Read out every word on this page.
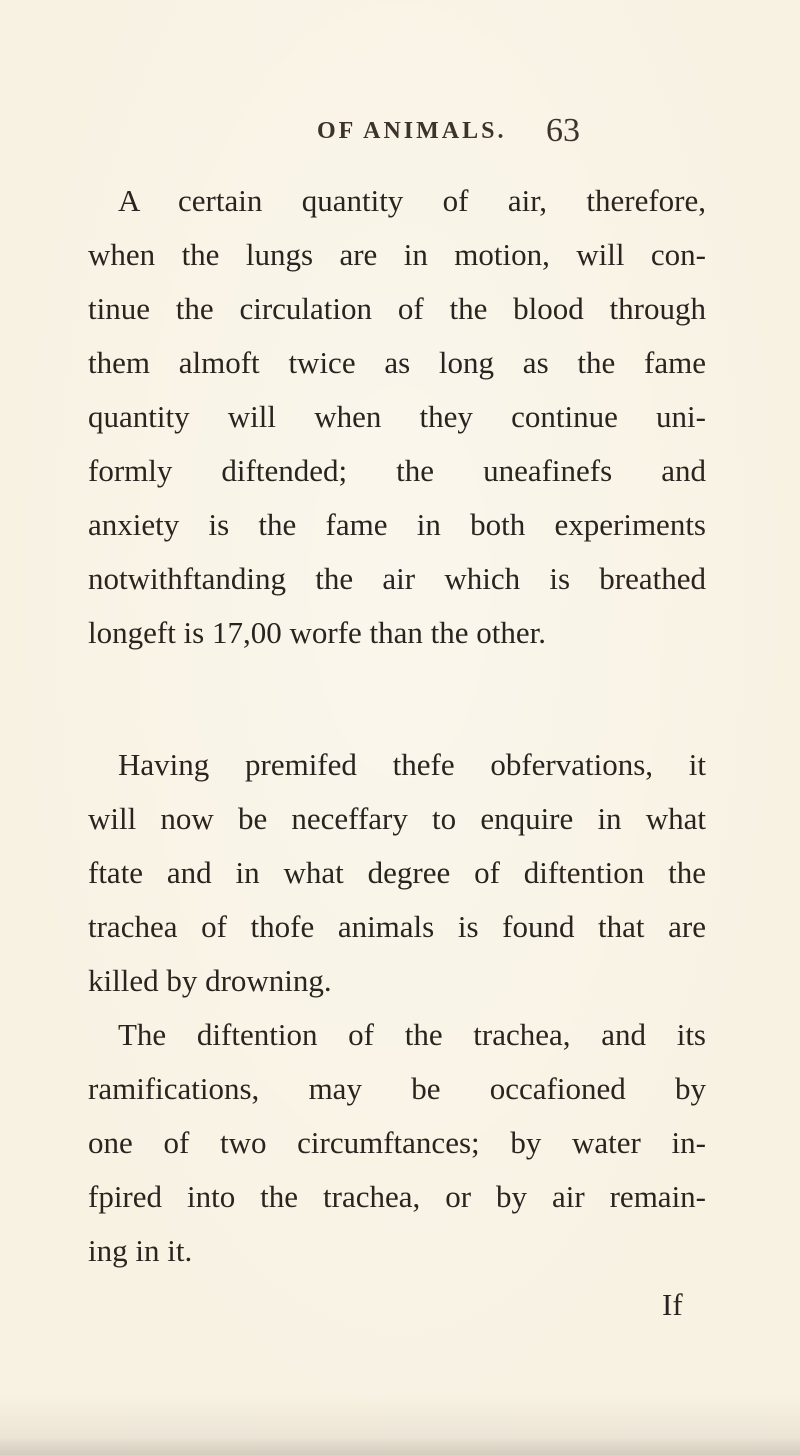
OF ANIMALS. 63
A certain quantity of air, therefore,
when the lungs are in motion, will con-
tinue the circulation of the blood through
them almoft twice as long as the fame
quantity will when they continue uni-
formly diftended; the uneafinefs and
anxiety is the fame in both experiments
notwithftanding the air which is breathed
longeft is 17,00 worfe than the other.
Having premifed thefe obfervations, it
will now be neceffary to enquire in what
ftate and in what degree of diftention the
trachea of thofe animals is found that are
killed by drowning.
The diftention of the trachea, and its
ramifications, may be occafioned by
one of two circumftances; by water in-
fpired into the trachea, or by air remain-
ing in it.
If
